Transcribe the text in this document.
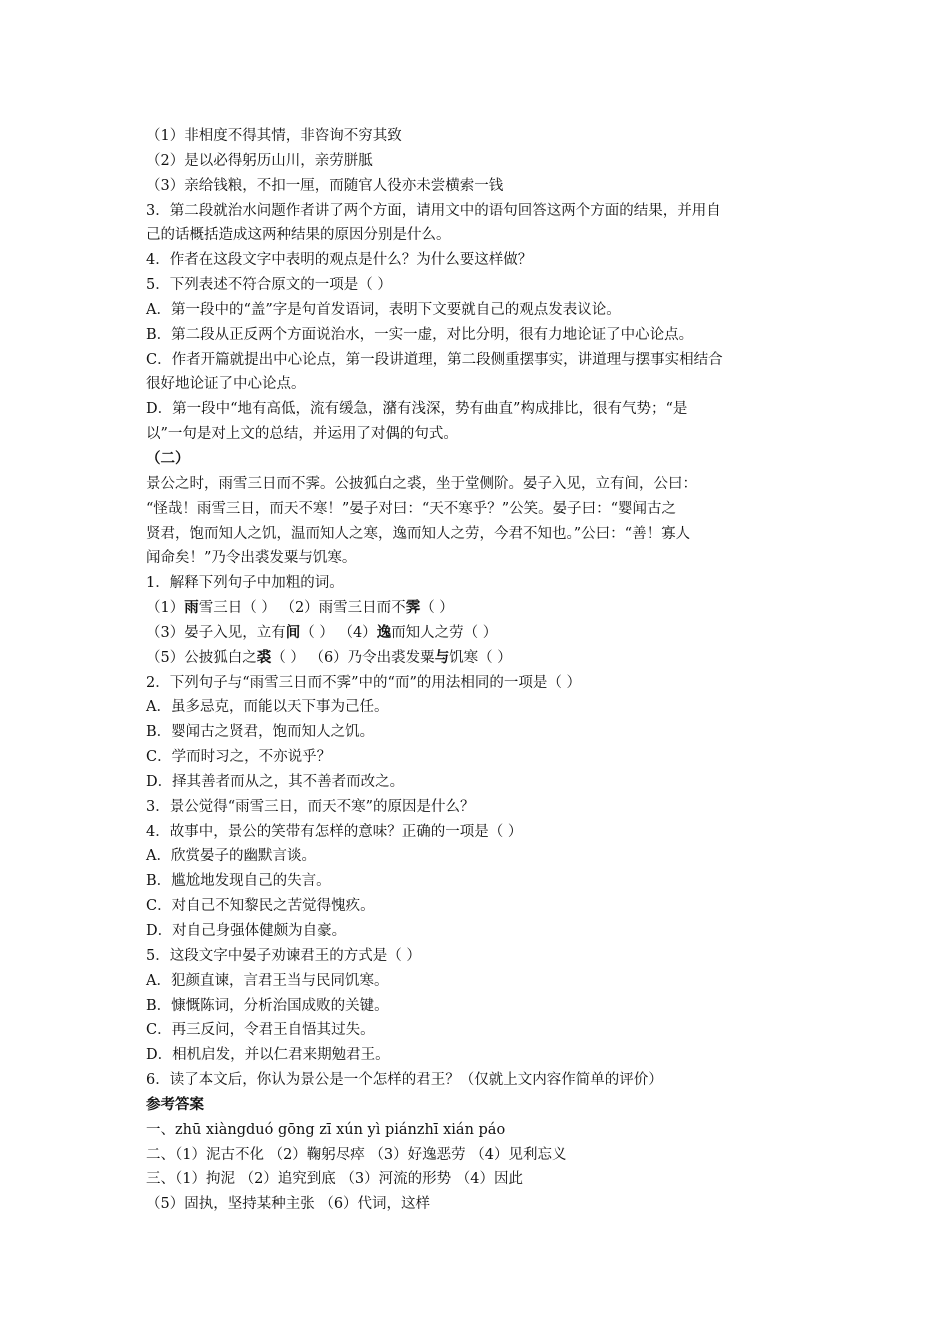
（1）非相度不得其情，非咨询不穷其致
（2）是以必得躬历山川，亲劳胼胝
（3）亲给钱粮，不扣一厘，而随官人役亦未尝横索一钱
3．第二段就治水问题作者讲了两个方面，请用文中的语句回答这两个方面的结果，并用自
己的话概括造成这两种结果的原因分别是什么。
4．作者在这段文字中表明的观点是什么？为什么要这样做？
5．下列表述不符合原文的一项是（ ）
A．第一段中的“盖”字是句首发语词，表明下文要就自己的观点发表议论。
B．第二段从正反两个方面说治水，一实一虚，对比分明，很有力地论证了中心论点。
C．作者开篇就提出中心论点，第一段讲道理，第二段侧重摆事实，讲道理与摆事实相结合
很好地论证了中心论点。
D．第一段中“地有高低，流有缓急，潴有浅深，势有曲直”构成排比，很有气势；“是
以”一句是对上文的总结，并运用了对偶的句式。
（二）
景公之时，雨雪三日而不霁。公披狐白之裘，坐于堂侧阶。晏子入见，立有间，公曰：
“怪哉！雨雪三日，而天不寒！”晏子对曰：“天不寒乎？”公笑。晏子曰：“婴闻古之
贤君，饱而知人之饥，温而知人之寒，逸而知人之劳，今君不知也。”公曰：“善！寡人
闻命矣！”乃令出裘发粟与饥寒。
1．解释下列句子中加粗的词。
（1）雨雪三日（ ） （2）雨雪三日而不霁（ ）
（3）晏子入见，立有间（ ） （4）逸而知人之劳（ ）
（5）公披狐白之裘（ ） （6）乃令出裘发粟与饥寒（ ）
2．下列句子与“雨雪三日而不霁”中的“而”的用法相同的一项是（ ）
A．虽多忌克，而能以天下事为己任。
B．婴闻古之贤君，饱而知人之饥。
C．学而时习之，不亦说乎？
D．择其善者而从之，其不善者而改之。
3．景公觉得“雨雪三日，而天不寒”的原因是什么？
4．故事中，景公的笑带有怎样的意味？正确的一项是（ ）
A．欣赏晏子的幽默言谈。
B．尴尬地发现自己的失言。
C．对自己不知黎民之苦觉得愧疚。
D．对自己身强体健颇为自豪。
5．这段文字中晏子劝谏君王的方式是（ ）
A．犯颜直谏，言君王当与民同饥寒。
B．慷慨陈词，分析治国成败的关键。
C．再三反问，令君王自悟其过失。
D．相机启发，并以仁君来期勉君王。
6．读了本文后，你认为景公是一个怎样的君王？（仅就上文内容作简单的评价）
参考答案
一、zhū xiàngduó gōng zī xún yì piánzhī xián páo
二、（1）泥古不化 （2）鞠躬尽瘁 （3）好逸恶劳 （4）见利忘义
三、（1）拘泥 （2）追究到底 （3）河流的形势 （4）因此
（5）固执，坚持某种主张 （6）代词，这样
